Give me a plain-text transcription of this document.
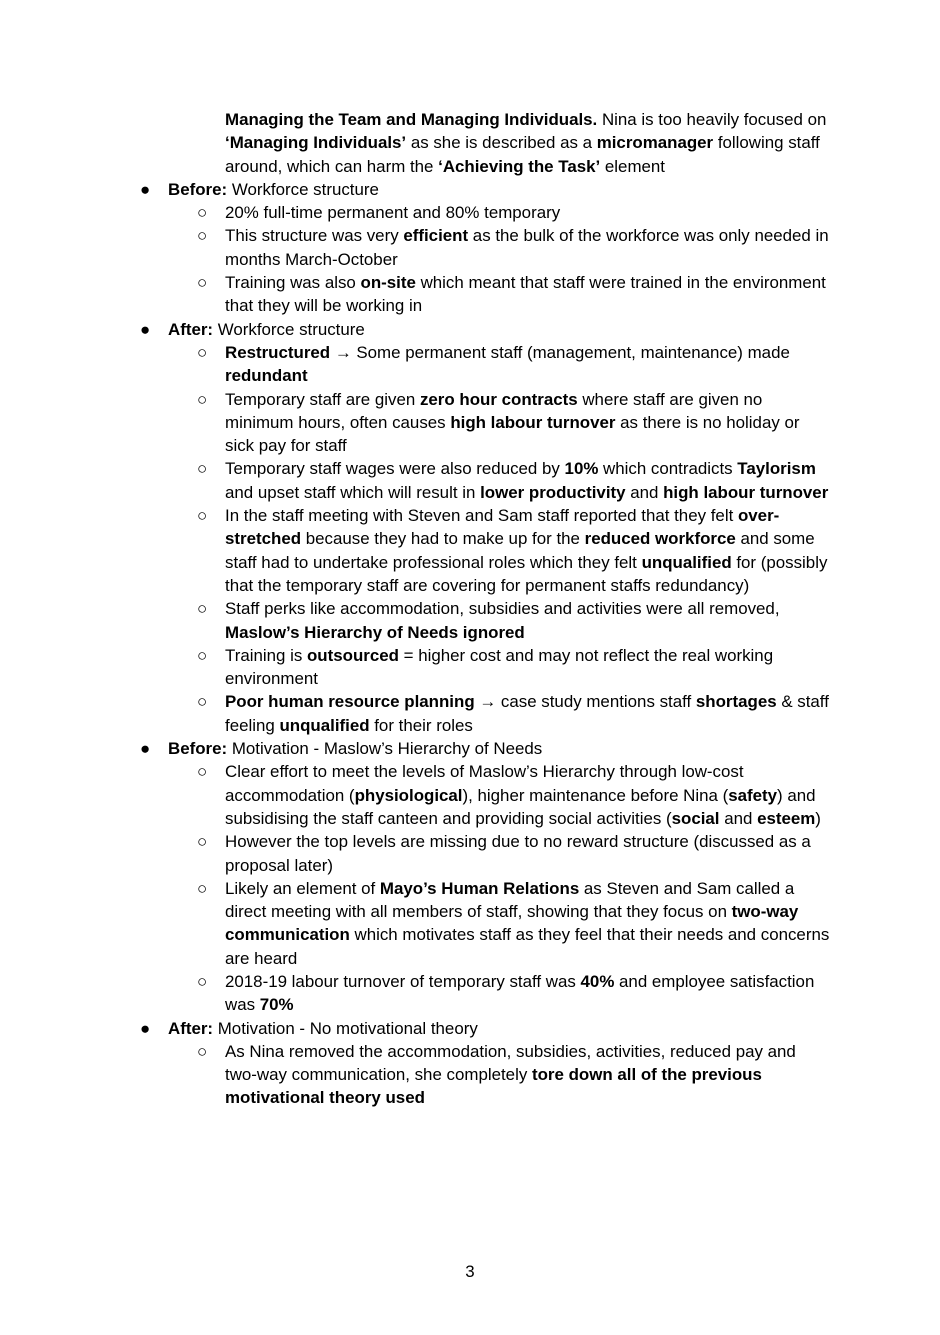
Managing the Team and Managing Individuals. Nina is too heavily focused on ‘Managing Individuals’ as she is described as a micromanager following staff around, which can harm the ‘Achieving the Task’ element
● Before: Workforce structure
○ 20% full-time permanent and 80% temporary
○ This structure was very efficient as the bulk of the workforce was only needed in months March-October
○ Training was also on-site which meant that staff were trained in the environment that they will be working in
● After: Workforce structure
○ Restructured → Some permanent staff (management, maintenance) made redundant
○ Temporary staff are given zero hour contracts where staff are given no minimum hours, often causes high labour turnover as there is no holiday or sick pay for staff
○ Temporary staff wages were also reduced by 10% which contradicts Taylorism and upset staff which will result in lower productivity and high labour turnover
○ In the staff meeting with Steven and Sam staff reported that they felt over-stretched because they had to make up for the reduced workforce and some staff had to undertake professional roles which they felt unqualified for (possibly that the temporary staff are covering for permanent staffs redundancy)
○ Staff perks like accommodation, subsidies and activities were all removed, Maslow’s Hierarchy of Needs ignored
○ Training is outsourced = higher cost and may not reflect the real working environment
○ Poor human resource planning → case study mentions staff shortages & staff feeling unqualified for their roles
● Before: Motivation - Maslow’s Hierarchy of Needs
○ Clear effort to meet the levels of Maslow’s Hierarchy through low-cost accommodation (physiological), higher maintenance before Nina (safety) and subsidising the staff canteen and providing social activities (social and esteem)
○ However the top levels are missing due to no reward structure (discussed as a proposal later)
○ Likely an element of Mayo’s Human Relations as Steven and Sam called a direct meeting with all members of staff, showing that they focus on two-way communication which motivates staff as they feel that their needs and concerns are heard
○ 2018-19 labour turnover of temporary staff was 40% and employee satisfaction was 70%
● After: Motivation - No motivational theory
○ As Nina removed the accommodation, subsidies, activities, reduced pay and two-way communication, she completely tore down all of the previous motivational theory used
3
